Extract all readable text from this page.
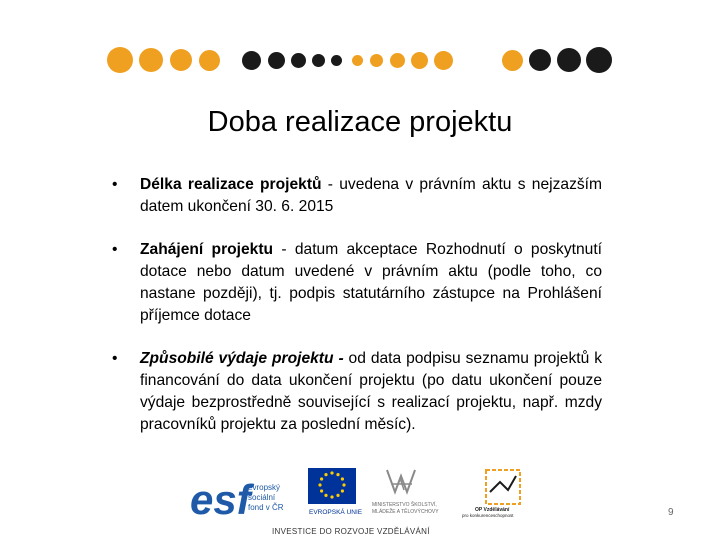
Doba realizace projektu
• Délka realizace projektů - uvedena v právním aktu s nejzazším datem ukončení 30. 6. 2015
• Zahájení projektu - datum akceptace Rozhodnutí o poskytnutí dotace nebo datum uvedené v právním aktu (podle toho, co nastane později), tj. podpis statutárního zástupce na Prohlášení příjemce dotace
• Způsobilé výdaje projektu - od data podpisu seznamu projektů k financování do data ukončení projektu (po datu ukončení pouze výdaje bezprostředně související s realizací projektu, např. mzdy pracovníků projektu za poslední měsíc).
esf
evropský
sociální
fond v ČR
EVROPSKÁ UNIE
MINISTERSTVO ŠKOLSTVÍ,
MLÁDEŽE A TĚLOVÝCHOVY	OP Vzdělávání
pro konkurenceschopnost
INVESTICE DO ROZVOJE VZDĚLÁVÁNÍ
9
